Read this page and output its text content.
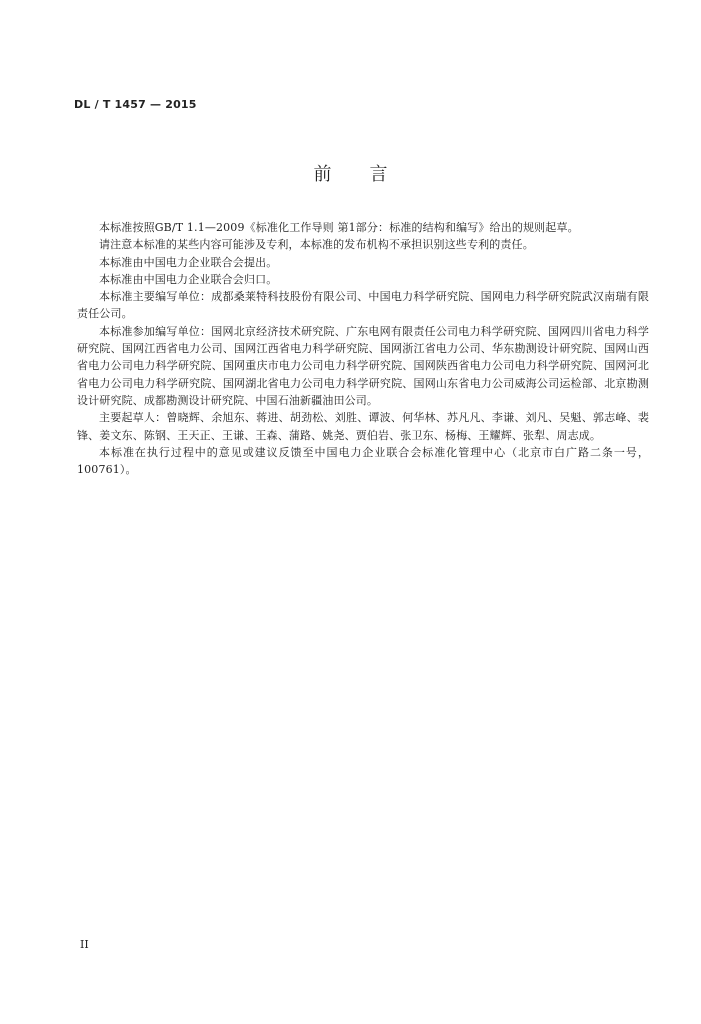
DL / T 1457 — 2015
前言

本标准按照GB/T 1.1—2009《标准化工作导则 第1部分：标准的结构和编写》给出的规则起草。

请注意本标准的某些内容可能涉及专利，本标准的发布机构不承担识别这些专利的责任。

本标准由中国电力企业联合会提出。

本标准由中国电力企业联合会归口。

本标准主要编写单位：成都桑莱特科技股份有限公司、中国电力科学研究院、国网电力科学研究院武汉南瑞有限责任公司。

本标准参加编写单位：国网北京经济技术研究院、广东电网有限责任公司电力科学研究院、国网四川省电力科学研究院、国网江西省电力公司、国网江西省电力科学研究院、国网浙江省电力公司、华东勘测设计研究院、国网山西省电力公司电力科学研究院、国网重庆市电力公司电力科学研究院、国网陕西省电力公司电力科学研究院、国网河北省电力公司电力科学研究院、国网湖北省电力公司电力科学研究院、国网山东省电力公司威海公司运检部、北京勘测设计研究院、成都勘测设计研究院、中国石油新疆油田公司。

主要起草人：曾晓辉、余旭东、蒋进、胡劲松、刘胜、谭波、何华林、苏凡凡、李谦、刘凡、吴魁、郭志峰、裴锋、姜文东、陈钢、王天正、王谦、王森、蒲路、姚尧、贾伯岩、张卫东、杨梅、王耀辉、张犁、周志成。

本标准在执行过程中的意见或建议反馈至中国电力企业联合会标准化管理中心（北京市白广路二条一号，100761）。

II
